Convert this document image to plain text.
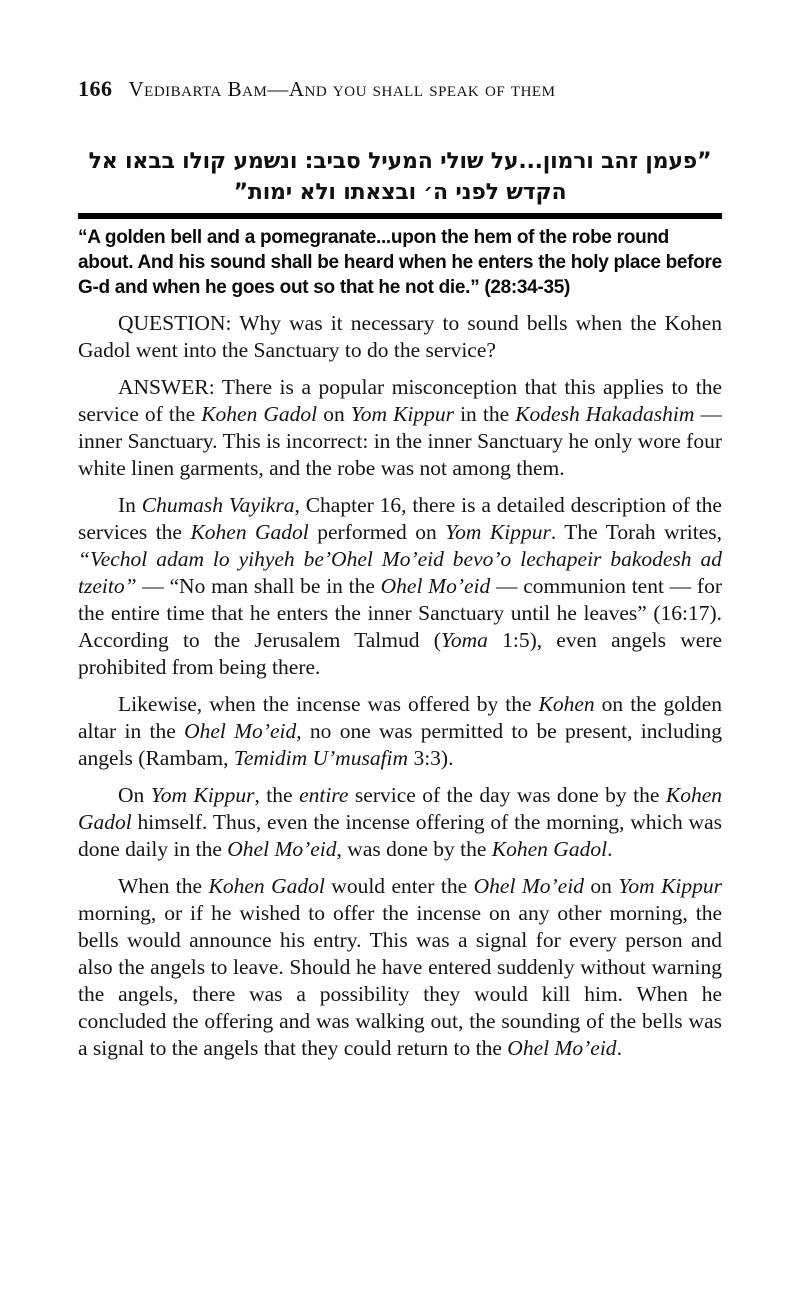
166 Vedibarta Bam—And you shall speak of them
”פעמן זהב ורמון...על שולי המעיל סביב: ונשמע קולו בבאו אל
הקדש לפני ה׳ ובצאתו ולא ימות”

“A golden bell and a pomegranate...upon the hem of the robe round about. And his sound shall be heard when he enters the holy place before G-d and when he goes out so that he not die.” (28:34-35)

QUESTION: Why was it necessary to sound bells when the Kohen Gadol went into the Sanctuary to do the service?

ANSWER: There is a popular misconception that this applies to the service of the Kohen Gadol on Yom Kippur in the Kodesh Hakadashim — inner Sanctuary. This is incorrect: in the inner Sanctuary he only wore four white linen garments, and the robe was not among them.

In Chumash Vayikra, Chapter 16, there is a detailed description of the services the Kohen Gadol performed on Yom Kippur. The Torah writes, “Vechol adam lo yihyeh be’Ohel Mo’eid bevo’o lechapeir bakodesh ad tzeito” — “No man shall be in the Ohel Mo’eid — communion tent — for the entire time that he enters the inner Sanctuary until he leaves” (16:17). According to the Jerusalem Talmud (Yoma 1:5), even angels were prohibited from being there.

Likewise, when the incense was offered by the Kohen on the golden altar in the Ohel Mo’eid, no one was permitted to be present, including angels (Rambam, Temidim U’musafim 3:3).

On Yom Kippur, the entire service of the day was done by the Kohen Gadol himself. Thus, even the incense offering of the morning, which was done daily in the Ohel Mo’eid, was done by the Kohen Gadol.

When the Kohen Gadol would enter the Ohel Mo’eid on Yom Kippur morning, or if he wished to offer the incense on any other morning, the bells would announce his entry. This was a signal for every person and also the angels to leave. Should he have entered suddenly without warning the angels, there was a possibility they would kill him. When he concluded the offering and was walking out, the sounding of the bells was a signal to the angels that they could return to the Ohel Mo’eid.
